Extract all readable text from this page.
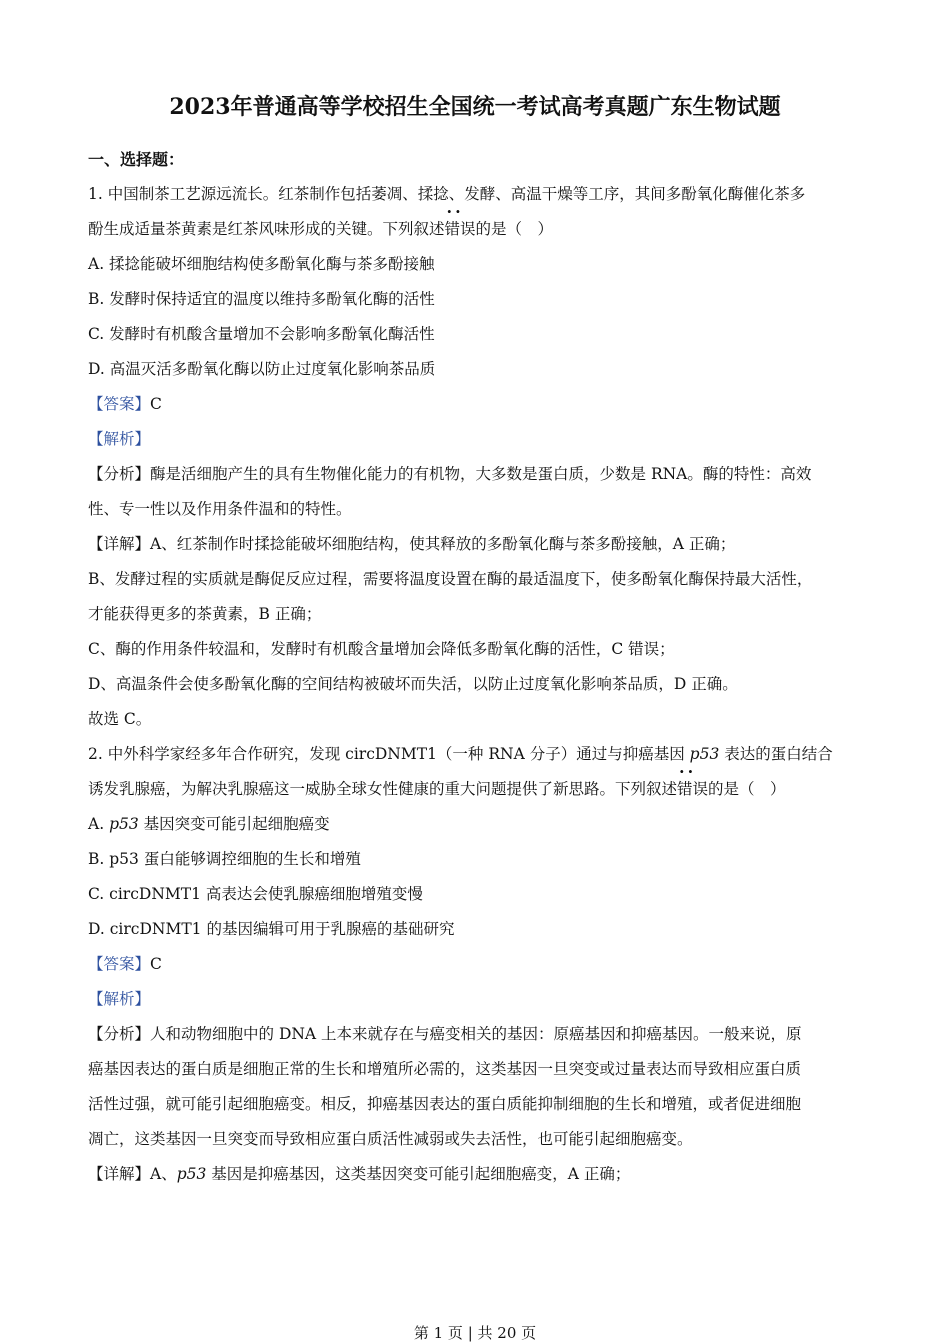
2023年普通高等学校招生全国统一考试高考真题广东生物试题

一、选择题：

1. 中国制茶工艺源远流长。红茶制作包括萎凋、揉捻、发酵、高温干燥等工序，其间多酚氧化酶催化茶多

酚生成适量茶黄素是红茶风味形成的关键。下列叙述·· 错误的是（　）

A. 揉捻能破坏细胞结构使多酚氧化酶与茶多酚接触

B. 发酵时保持适宜的温度以维持多酚氧化酶的活性

C. 发酵时有机酸含量增加不会影响多酚氧化酶活性

D. 高温灭活多酚氧化酶以防止过度氧化影响茶品质

【答案】C

【解析】

【分析】酶是活细胞产生的具有生物催化能力的有机物，大多数是蛋白质，少数是 RNA。酶的特性：高效

性、专一性以及作用条件温和的特性。

【详解】A、红茶制作时揉捻能破坏细胞结构，使其释放的多酚氧化酶与茶多酚接触，A 正确；

B、发酵过程的实质就是酶促反应过程，需要将温度设置在酶的最适温度下，使多酚氧化酶保持最大活性，

才能获得更多的茶黄素，B 正确；

C、酶的作用条件较温和，发酵时有机酸含量增加会降低多酚氧化酶的活性，C 错误；

D、高温条件会使多酚氧化酶的空间结构被破坏而失活，以防止过度氧化影响茶品质，D 正确。

故选 C。

2. 中外科学家经多年合作研究，发现 circDNMT1（一种 RNA 分子）通过与抑癌基因 p53 表达的蛋白结合

诱发乳腺癌，为解决乳腺癌这一威胁全球女性健康的重大问题提供了新思路。下列叙述·· 错误的是（　）

A. p53 基因突变可能引起细胞癌变

B. p53 蛋白能够调控细胞的生长和增殖

C. circDNMT1 高表达会使乳腺癌细胞增殖变慢

D. circDNMT1 的基因编辑可用于乳腺癌的基础研究

【答案】C

【解析】

【分析】人和动物细胞中的 DNA 上本来就存在与癌变相关的基因：原癌基因和抑癌基因。一般来说，原

癌基因表达的蛋白质是细胞正常的生长和增殖所必需的，这类基因一旦突变或过量表达而导致相应蛋白质

活性过强，就可能引起细胞癌变。相反，抑癌基因表达的蛋白质能抑制细胞的生长和增殖，或者促进细胞

凋亡，这类基因一旦突变而导致相应蛋白质活性减弱或失去活性，也可能引起细胞癌变。

【详解】A、p53 基因是抑癌基因，这类基因突变可能引起细胞癌变，A 正确；

第 1 页 | 共 20 页
